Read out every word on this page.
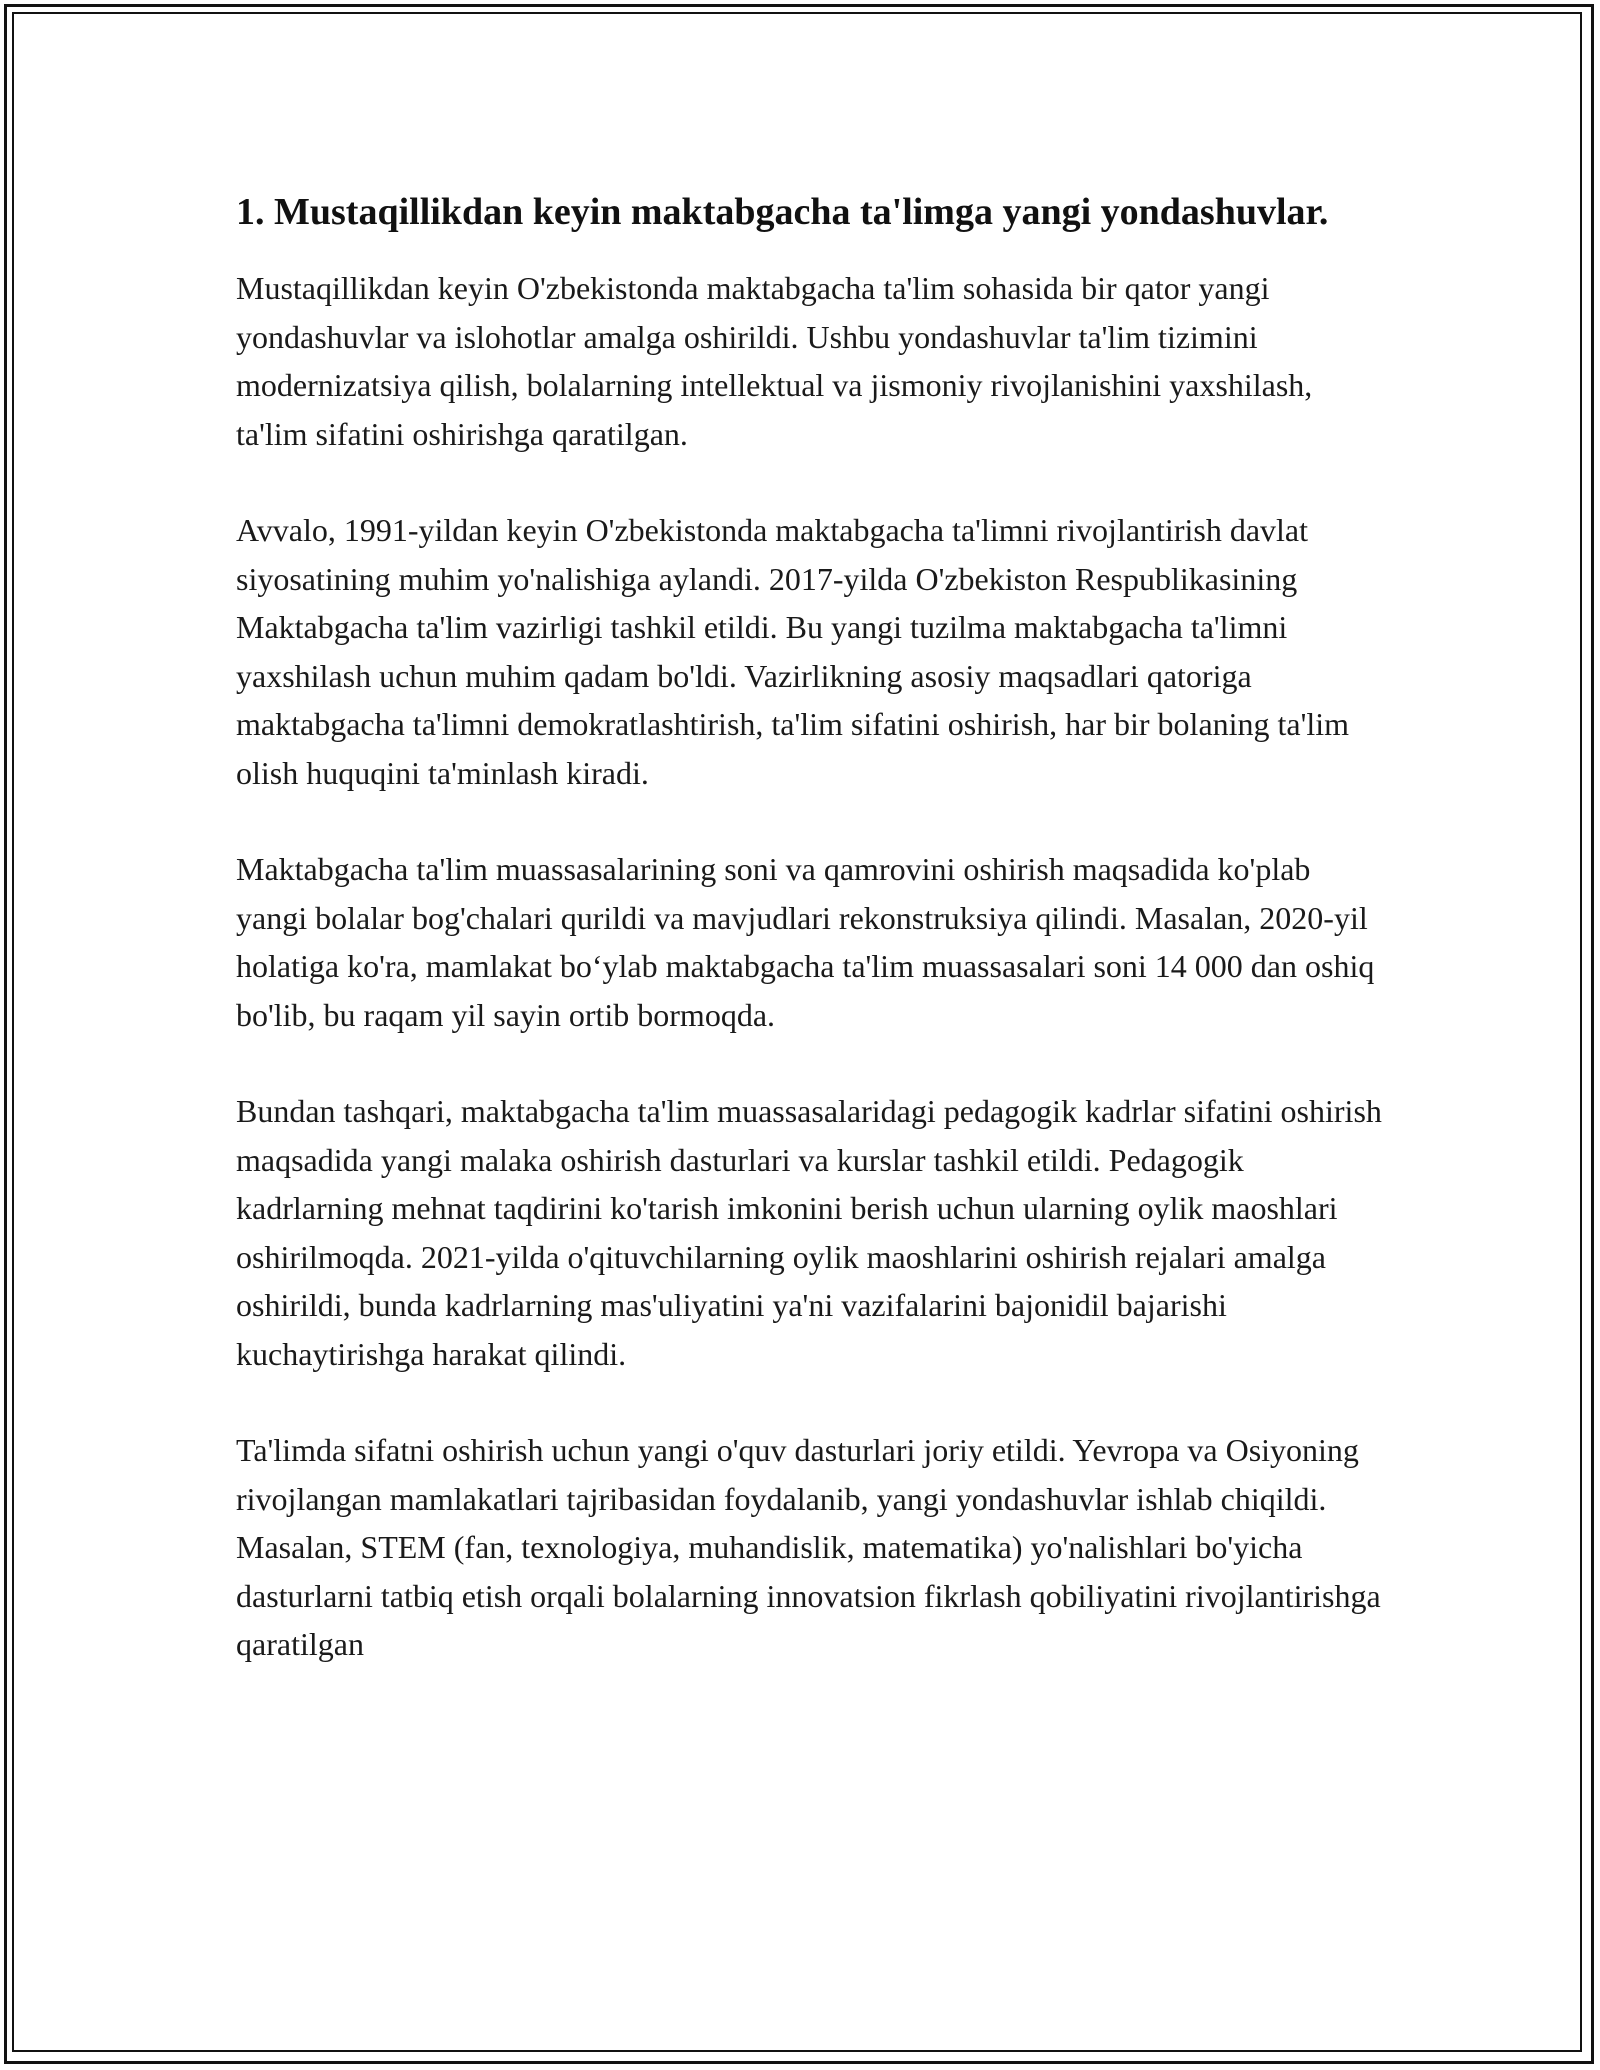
1. Mustaqillikdan keyin maktabgacha ta'limga yangi yondashuvlar.

Mustaqillikdan keyin O'zbekistonda maktabgacha ta'lim sohasida bir qator yangi yondashuvlar va islohotlar amalga oshirildi. Ushbu yondashuvlar ta'lim tizimini modernizatsiya qilish, bolalarning intellektual va jismoniy rivojlanishini yaxshilash, ta'lim sifatini oshirishga qaratilgan.

Avvalo, 1991-yildan keyin O'zbekistonda maktabgacha ta'limni rivojlantirish davlat siyosatining muhim yo'nalishiga aylandi. 2017-yilda O'zbekiston Respublikasining Maktabgacha ta'lim vazirligi tashkil etildi. Bu yangi tuzilma maktabgacha ta'limni yaxshilash uchun muhim qadam bo'ldi. Vazirlikning asosiy maqsadlari qatoriga maktabgacha ta'limni demokratlashtirish, ta'lim sifatini oshirish, har bir bolaning ta'lim olish huquqini ta'minlash kiradi.

Maktabgacha ta'lim muassasalarining soni va qamrovini oshirish maqsadida ko'plab yangi bolalar bog'chalari qurildi va mavjudlari rekonstruksiya qilindi. Masalan, 2020-yil holatiga ko'ra, mamlakat bo‘ylab maktabgacha ta'lim muassasalari soni 14 000 dan oshiq bo'lib, bu raqam yil sayin ortib bormoqda.

Bundan tashqari, maktabgacha ta'lim muassasalaridagi pedagogik kadrlar sifatini oshirish maqsadida yangi malaka oshirish dasturlari va kurslar tashkil etildi. Pedagogik kadrlarning mehnat taqdirini ko'tarish imkonini berish uchun ularning oylik maoshlari oshirilmoqda. 2021-yilda o'qituvchilarning oylik maoshlarini oshirish rejalari amalga oshirildi, bunda kadrlarning mas'uliyatini ya'ni vazifalarini bajonidil bajarishi kuchaytirishga harakat qilindi.

Ta'limda sifatni oshirish uchun yangi o'quv dasturlari joriy etildi. Yevropa va Osiyoning rivojlangan mamlakatlari tajribasidan foydalanib, yangi yondashuvlar ishlab chiqildi. Masalan, STEM (fan, texnologiya, muhandislik, matematika) yo'nalishlari bo'yicha dasturlarni tatbiq etish orqali bolalarning innovatsion fikrlash qobiliyatini rivojlantirishga qaratilgan
